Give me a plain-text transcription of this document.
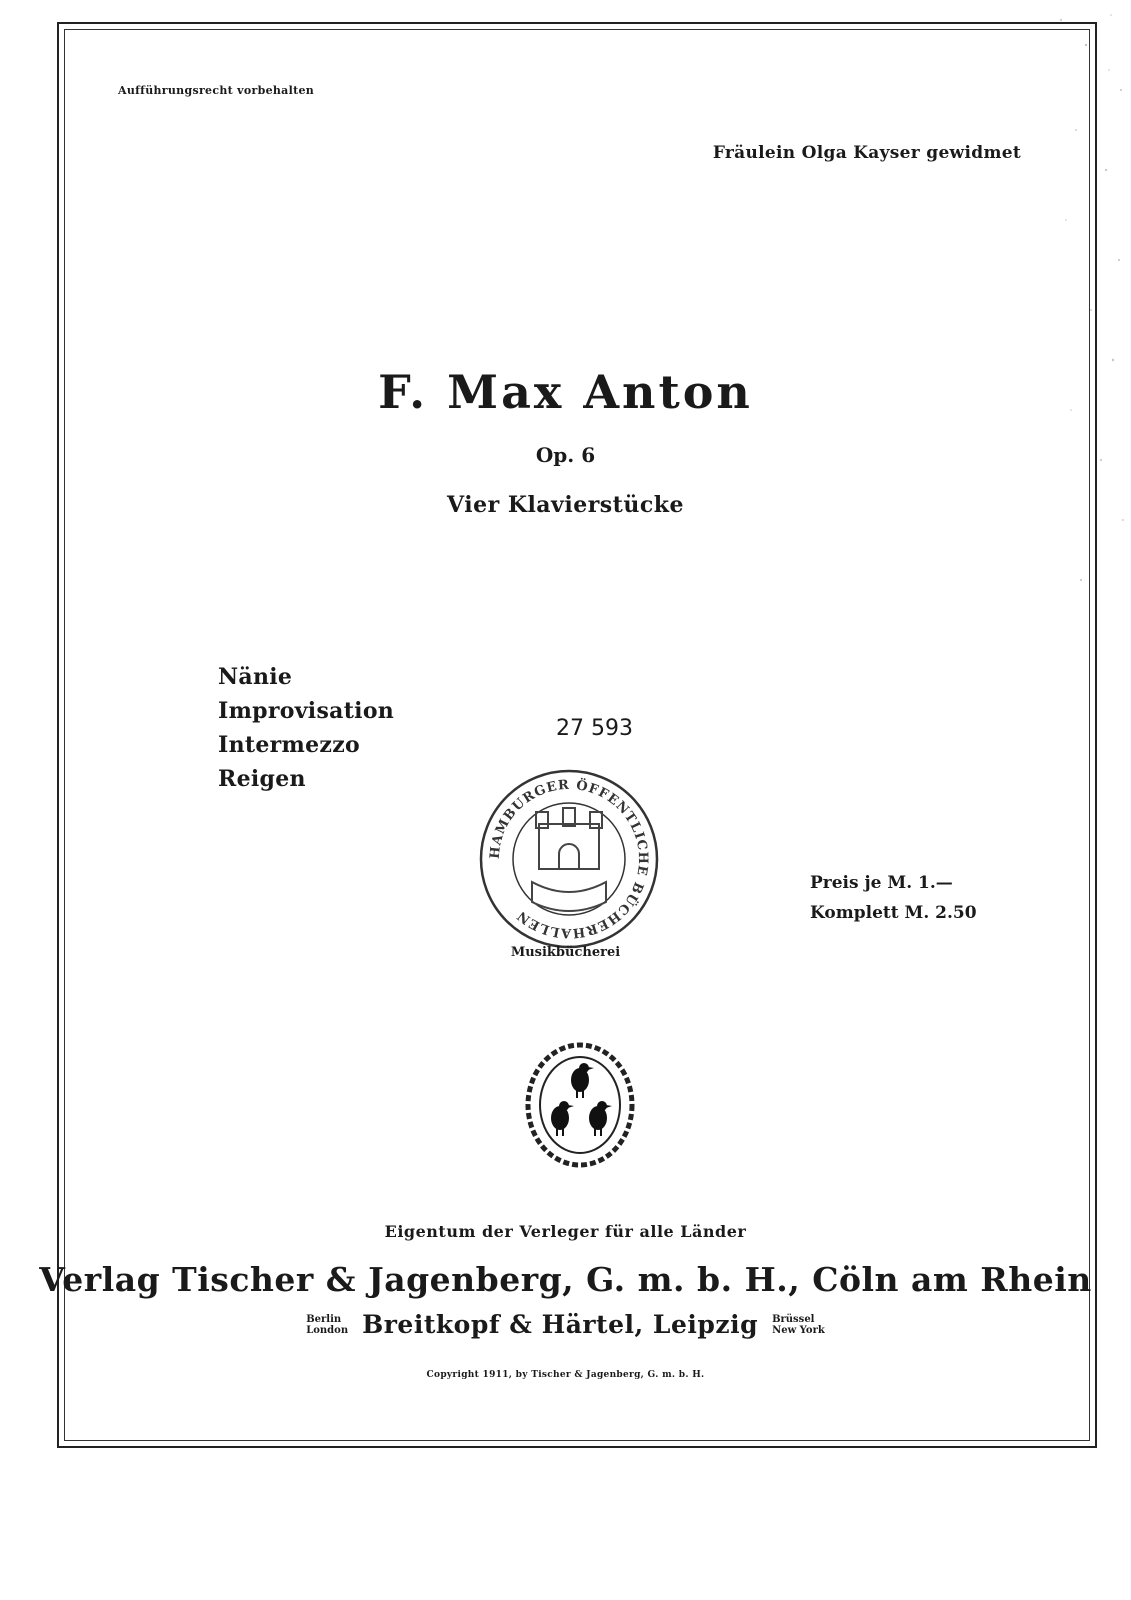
Aufführungsrecht vorbehalten
Fräulein Olga Kayser gewidmet
F. Max Anton
Op. 6
Vier Klavierstücke
Nänie
Improvisation
Intermezzo
Reigen
27 593
HAMBURGER ÖFFENTLICHE BÜCHERHALLEN
Musikbücherei
Preis je M. 1.—
Komplett M. 2.50
Eigentum der Verleger für alle Länder
Verlag Tischer & Jagenberg, G. m. b. H., Cöln am Rhein
Berlin
London Breitkopf & Härtel, Leipzig Brüssel
New York
Copyright 1911, by Tischer & Jagenberg, G. m. b. H.
